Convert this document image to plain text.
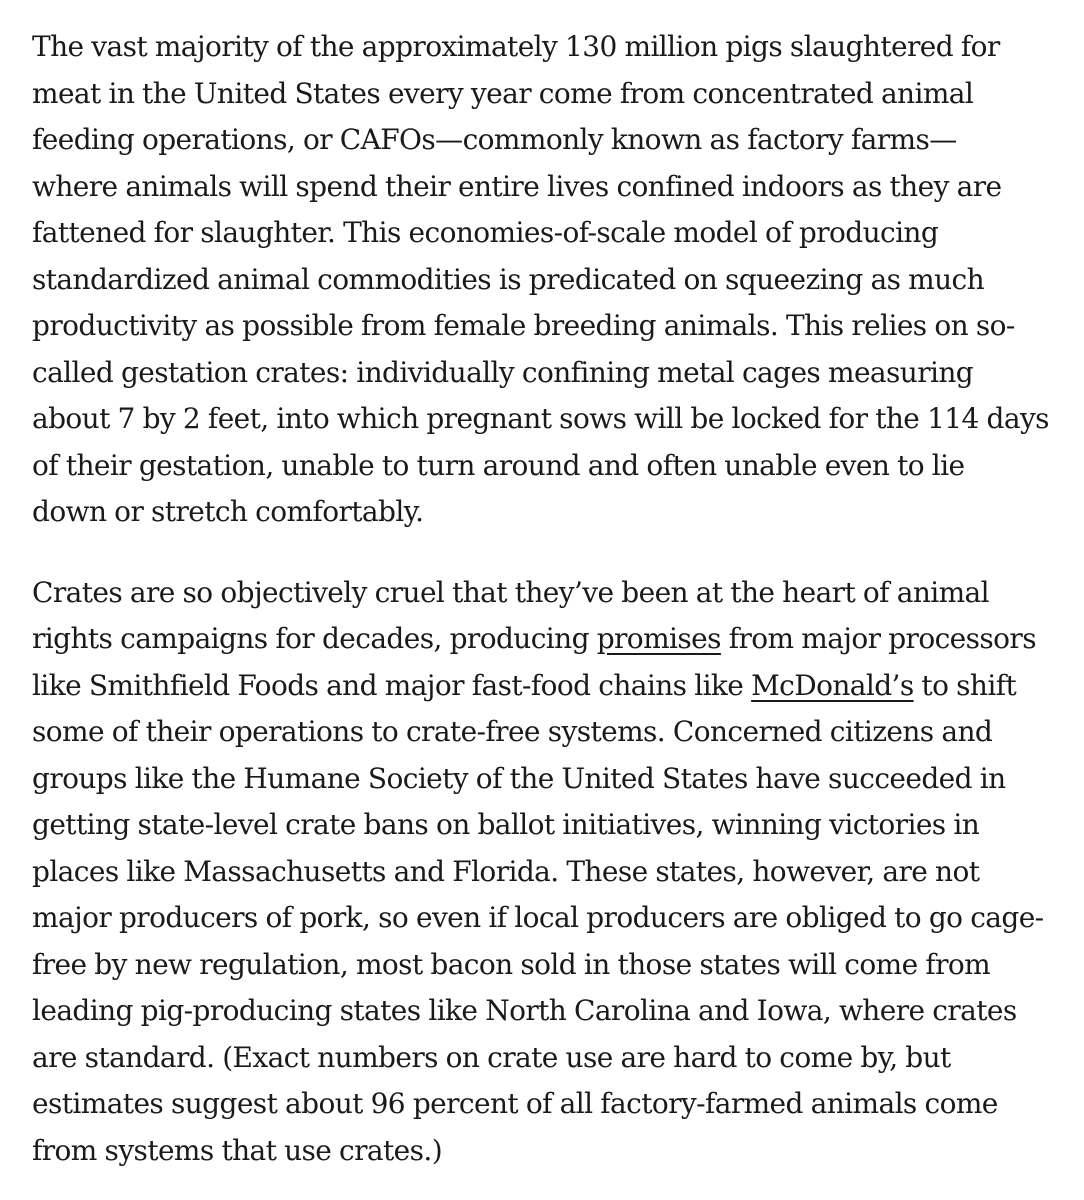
The vast majority of the approximately 130 million pigs slaughtered for
meat in the United States every year come from concentrated animal
feeding operations, or CAFOs—commonly known as factory farms—
where animals will spend their entire lives confined indoors as they are
fattened for slaughter. This economies-of-scale model of producing
standardized animal commodities is predicated on squeezing as much
productivity as possible from female breeding animals. This relies on so-
called gestation crates: individually confining metal cages measuring
about 7 by 2 feet, into which pregnant sows will be locked for the 114 days
of their gestation, unable to turn around and often unable even to lie
down or stretch comfortably.

Crates are so objectively cruel that they’ve been at the heart of animal
rights campaigns for decades, producing promises from major processors
like Smithfield Foods and major fast-food chains like McDonald’s to shift
some of their operations to crate-free systems. Concerned citizens and
groups like the Humane Society of the United States have succeeded in
getting state-level crate bans on ballot initiatives, winning victories in
places like Massachusetts and Florida. These states, however, are not
major producers of pork, so even if local producers are obliged to go cage-
free by new regulation, most bacon sold in those states will come from
leading pig-producing states like North Carolina and Iowa, where crates
are standard. (Exact numbers on crate use are hard to come by, but
estimates suggest about 96 percent of all factory-farmed animals come
from systems that use crates.)
